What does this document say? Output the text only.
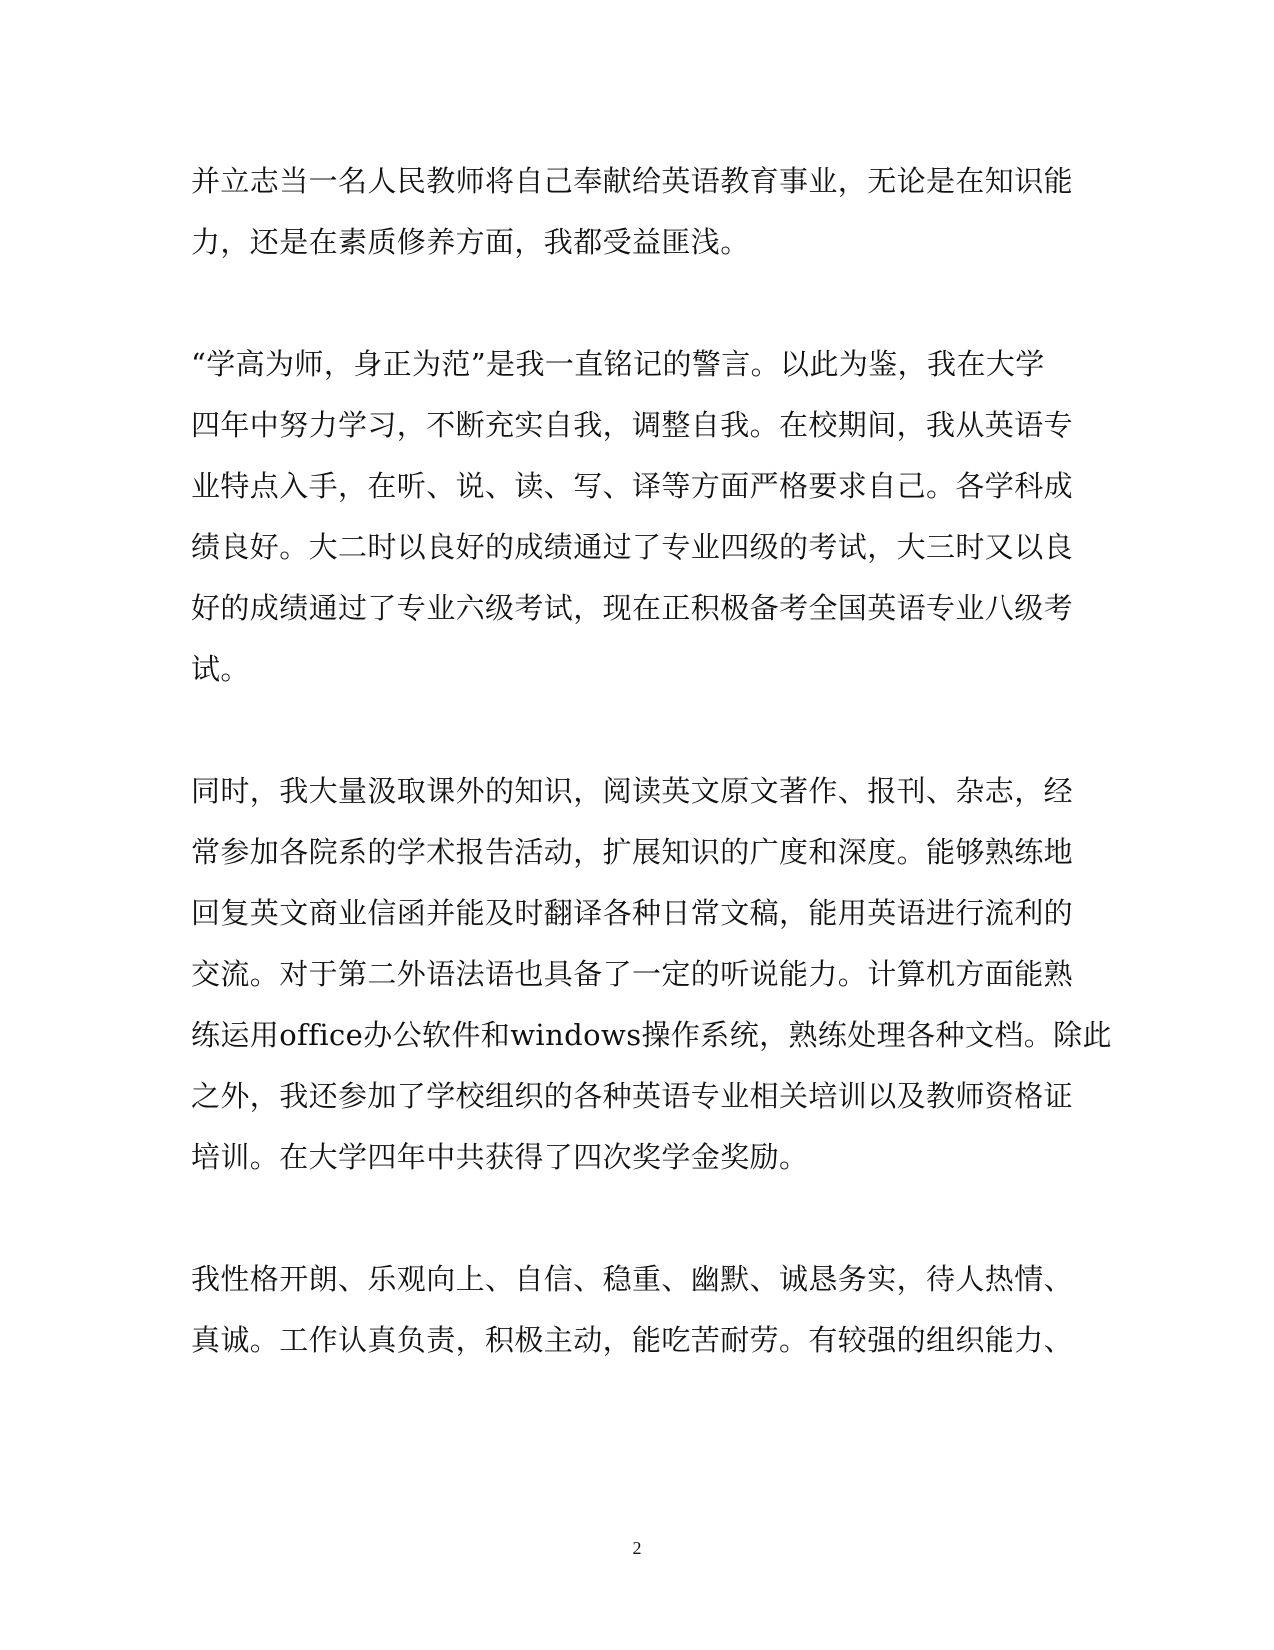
并立志当一名人民教师将自己奉献给英语教育事业，无论是在知识能
力，还是在素质修养方面，我都受益匪浅。
“学高为师，身正为范”是我一直铭记的警言。以此为鉴，我在大学
四年中努力学习，不断充实自我，调整自我。在校期间，我从英语专
业特点入手，在听、说、读、写、译等方面严格要求自己。各学科成
绩良好。大二时以良好的成绩通过了专业四级的考试，大三时又以良
好的成绩通过了专业六级考试，现在正积极备考全国英语专业八级考
试。
同时，我大量汲取课外的知识，阅读英文原文著作、报刊、杂志，经
常参加各院系的学术报告活动，扩展知识的广度和深度。能够熟练地
回复英文商业信函并能及时翻译各种日常文稿，能用英语进行流利的
交流。对于第二外语法语也具备了一定的听说能力。计算机方面能熟
练运用office办公软件和windows操作系统，熟练处理各种文档。除此
之外，我还参加了学校组织的各种英语专业相关培训以及教师资格证
培训。在大学四年中共获得了四次奖学金奖励。
我性格开朗、乐观向上、自信、稳重、幽默、诚恳务实，待人热情、
真诚。工作认真负责，积极主动，能吃苦耐劳。有较强的组织能力、
2
